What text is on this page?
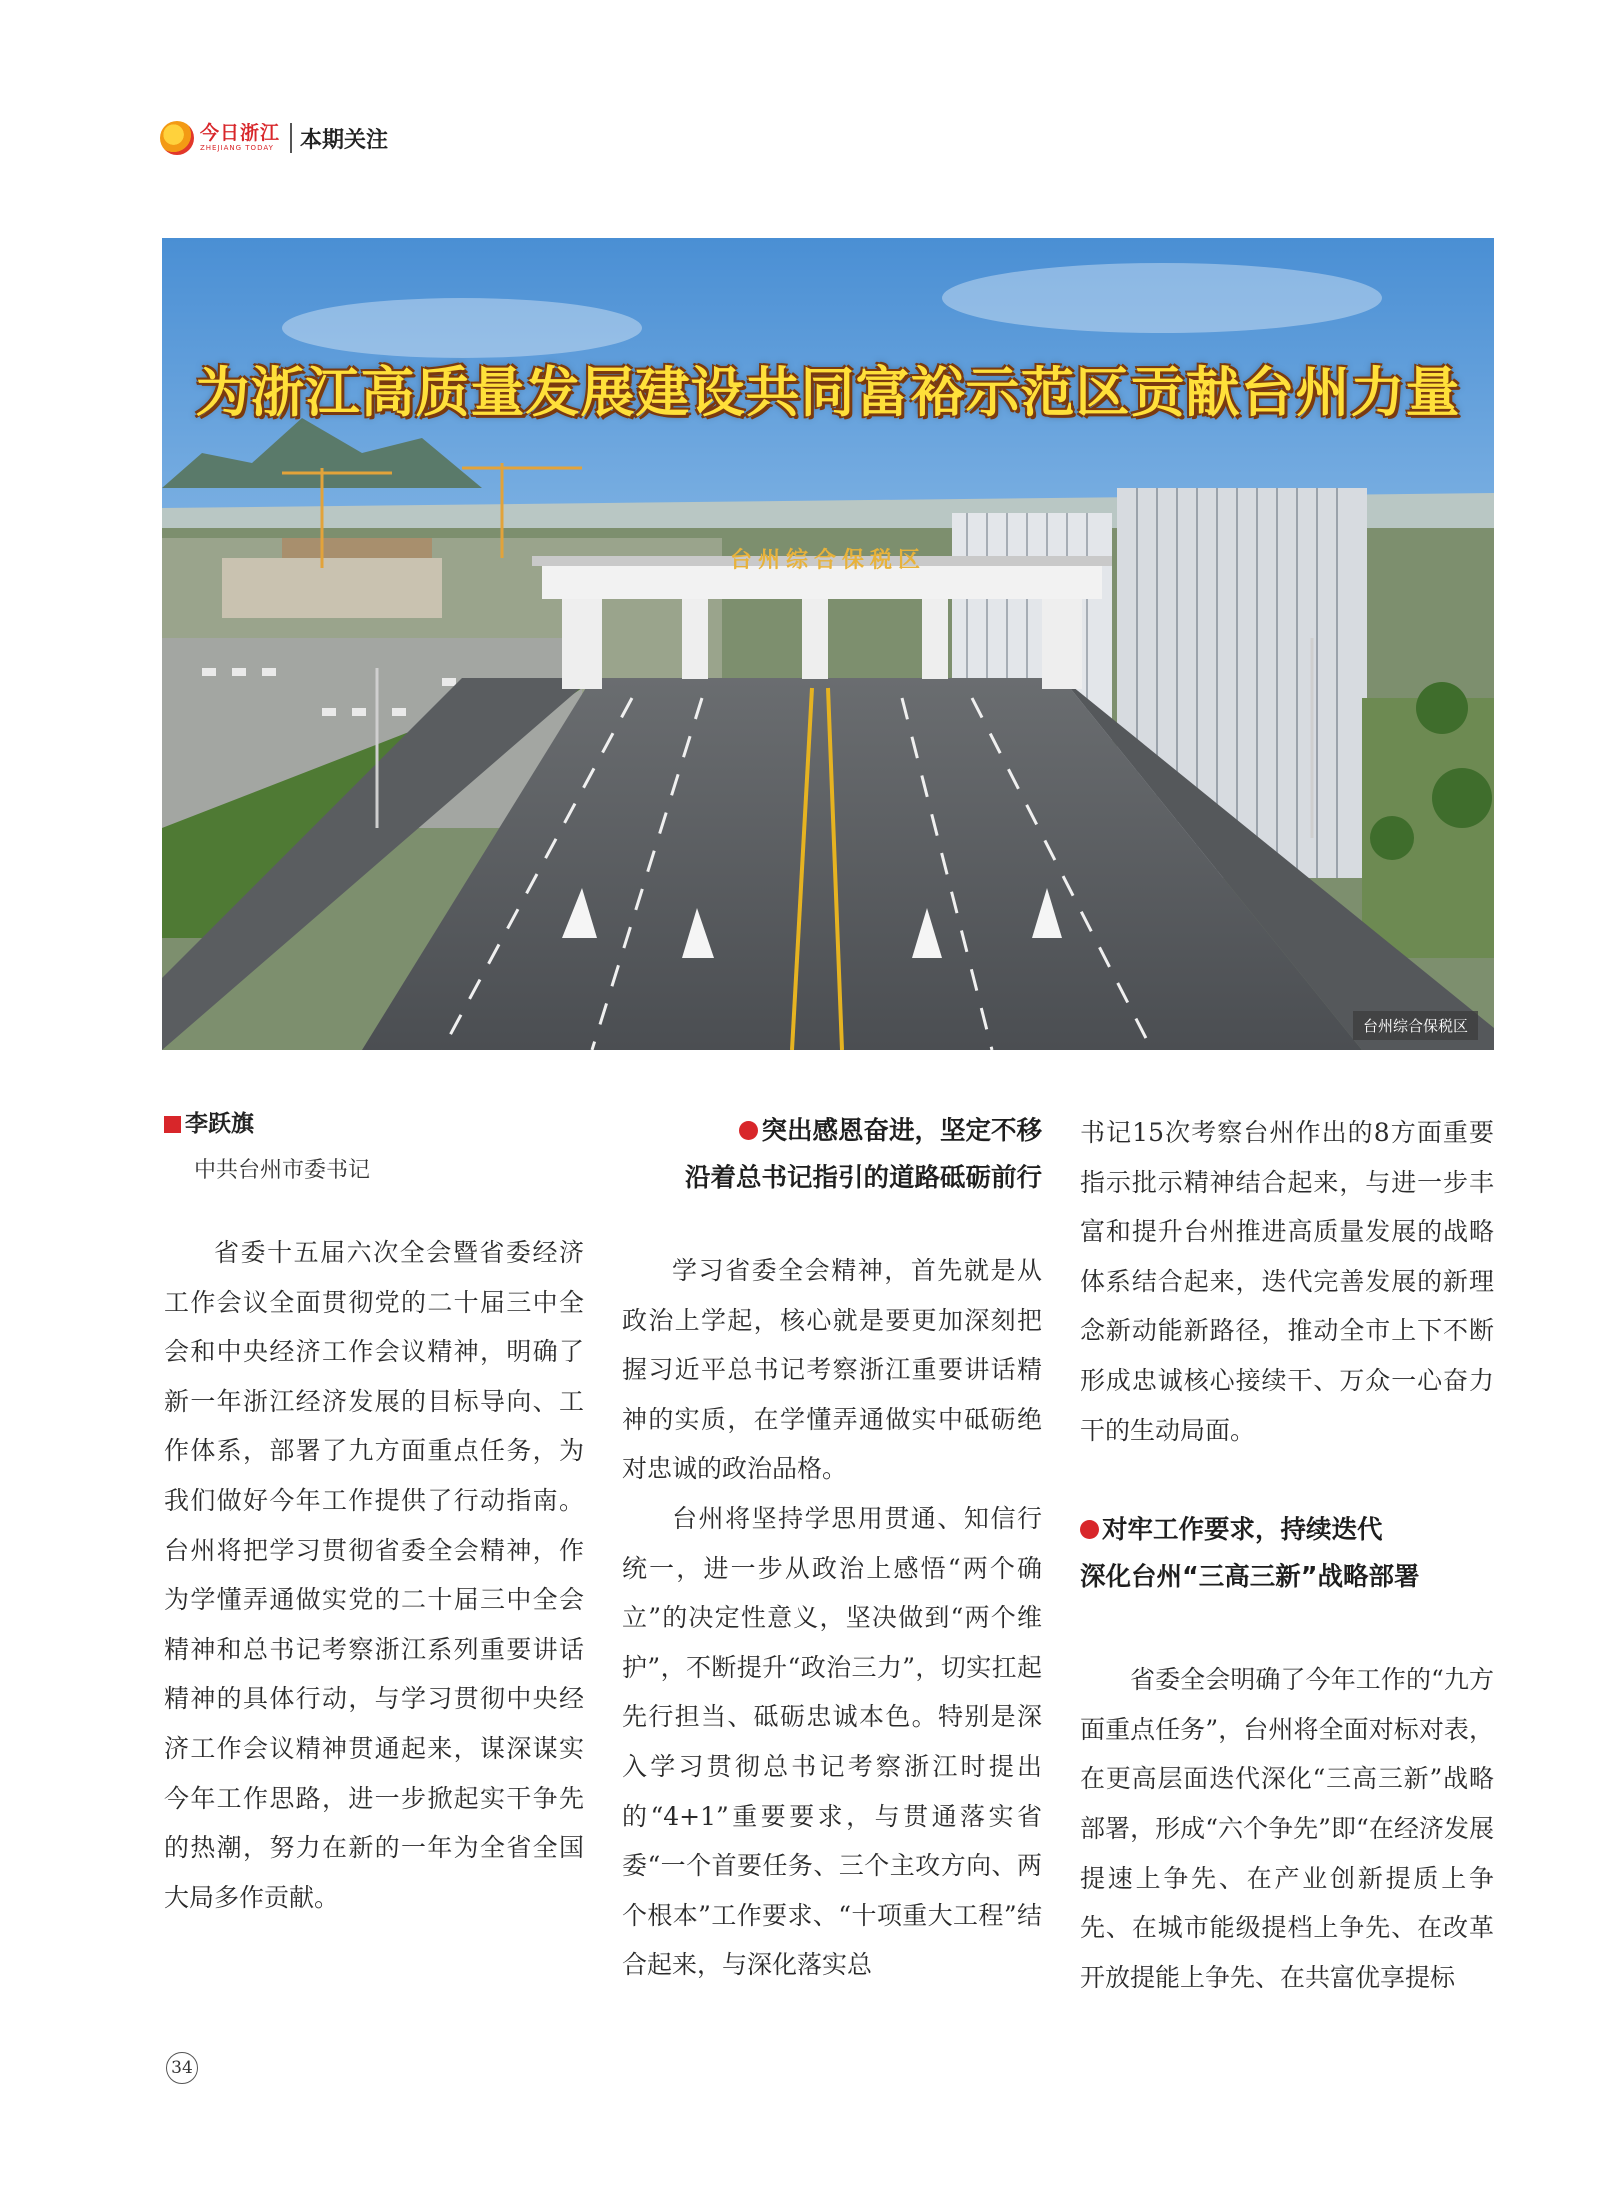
今日浙江
ZHEJIANG TODAY 本期关注
为浙江高质量发展建设共同富裕示范区贡献台州力量
台州综合保税区
台州综合保税区
李跃旗
中共台州市委书记

省委十五届六次全会暨省委经济工作会议全面贯彻党的二十届三中全会和中央经济工作会议精神，明确了新一年浙江经济发展的目标导向、工作体系，部署了九方面重点任务，为我们做好今年工作提供了行动指南。台州将把学习贯彻省委全会精神，作为学懂弄通做实党的二十届三中全会精神和总书记考察浙江系列重要讲话精神的具体行动，与学习贯彻中央经济工作会议精神贯通起来，谋深谋实今年工作思路，进一步掀起实干争先的热潮，努力在新的一年为全省全国大局多作贡献。

突出感恩奋进，坚定不移
沿着总书记指引的道路砥砺前行

学习省委全会精神，首先就是从政治上学起，核心就是要更加深刻把握习近平总书记考察浙江重要讲话精神的实质，在学懂弄通做实中砥砺绝对忠诚的政治品格。

台州将坚持学思用贯通、知信行统一，进一步从政治上感悟“两个确立”的决定性意义，坚决做到“两个维护”，不断提升“政治三力”，切实扛起先行担当、砥砺忠诚本色。特别是深入学习贯彻总书记考察浙江时提出的“4+1”重要要求，与贯通落实省委“一个首要任务、三个主攻方向、两个根本”工作要求、“十项重大工程”结合起来，与深化落实总

书记15次考察台州作出的8方面重要指示批示精神结合起来，与进一步丰富和提升台州推进高质量发展的战略体系结合起来，迭代完善发展的新理念新动能新路径，推动全市上下不断形成忠诚核心接续干、万众一心奋力干的生动局面。

对牢工作要求，持续迭代
深化台州“三高三新”战略部署

省委全会明确了今年工作的“九方面重点任务”，台州将全面对标对表，在更高层面迭代深化“三高三新”战略部署，形成“六个争先”即“在经济发展提速上争先、在产业创新提质上争先、在城市能级提档上争先、在改革开放提能上争先、在共富优享提标

34
